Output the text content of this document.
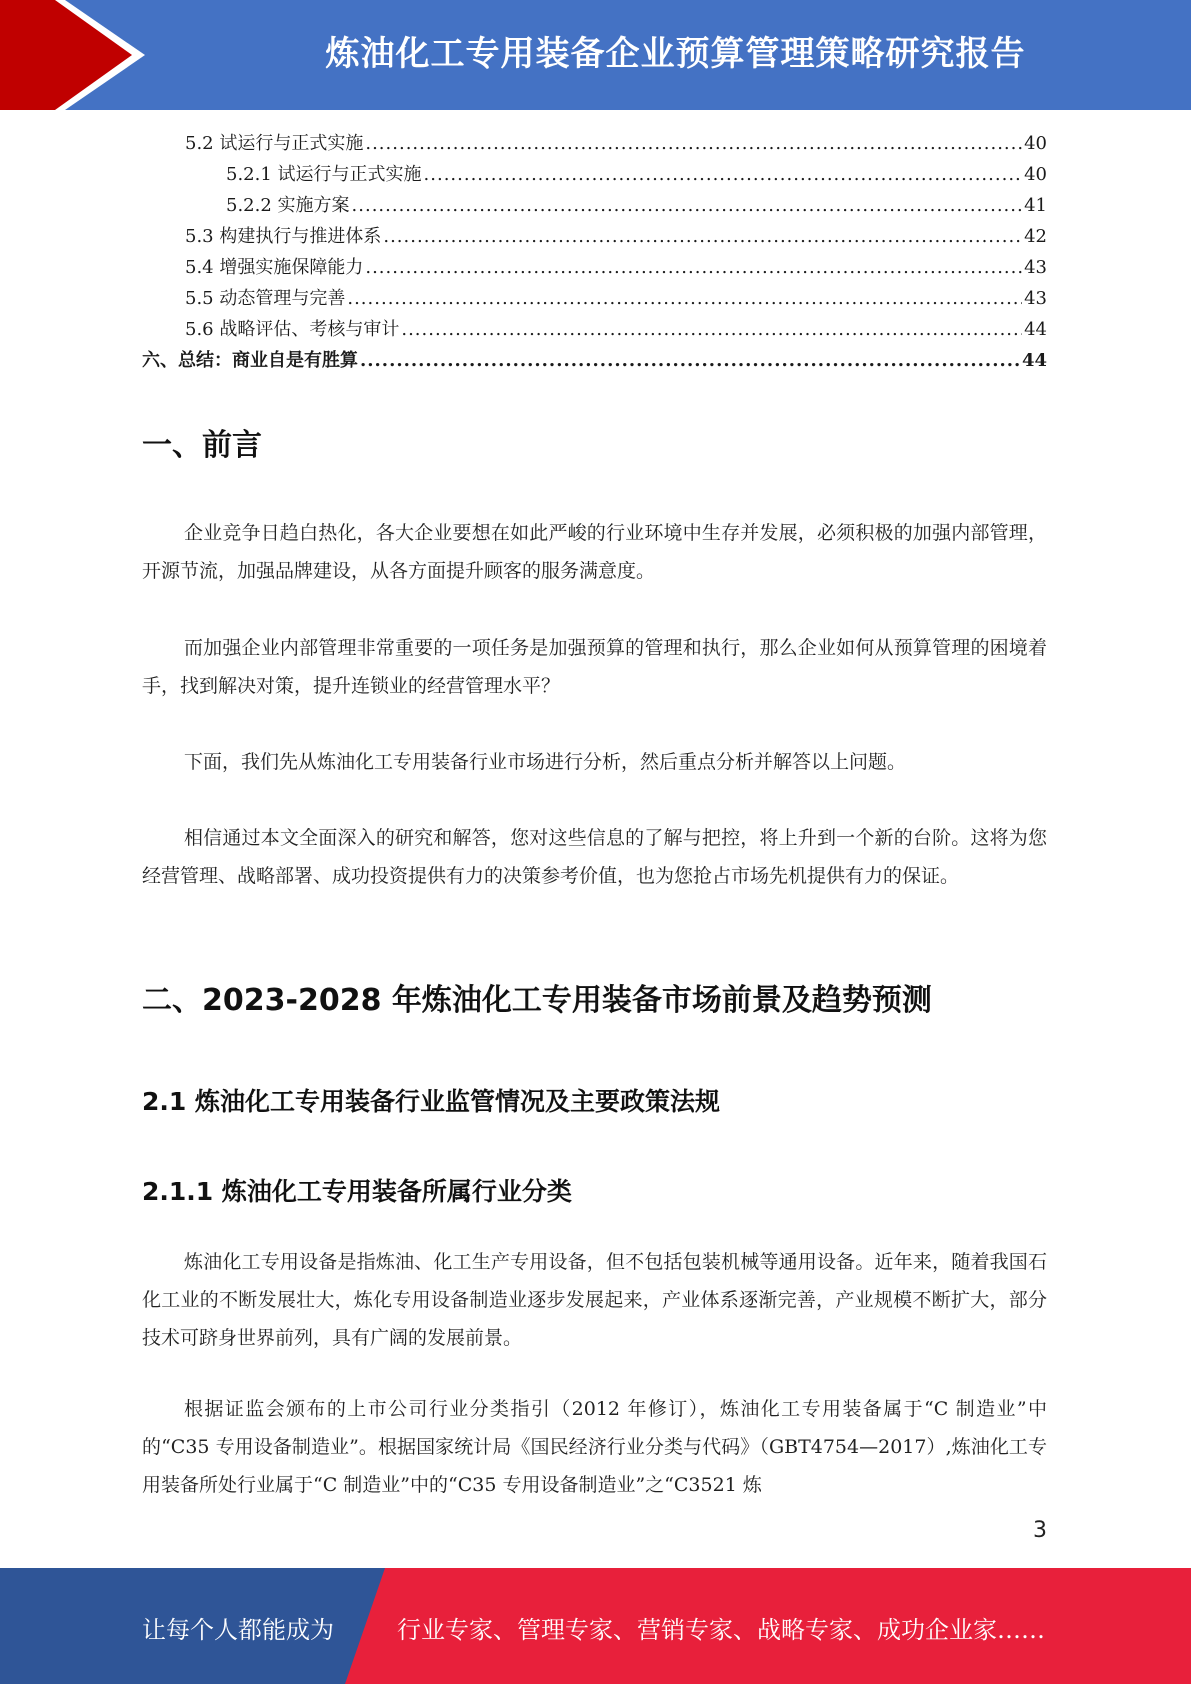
炼油化工专用装备企业预算管理策略研究报告
5.2 试运行与正式实施 .....	40
5.2.1 试运行与正式实施 .....	40
5.2.2 实施方案 .....	41
5.3 构建执行与推进体系 .....	42
5.4 增强实施保障能力 .....	43
5.5 动态管理与完善 .....	43
5.6 战略评估、考核与审计 .....	44
六、总结：商业自是有胜算 .....	44
一、前言

企业竞争日趋白热化，各大企业要想在如此严峻的行业环境中生存并发展，必须积极的加强内部管理，开源节流，加强品牌建设，从各方面提升顾客的服务满意度。

而加强企业内部管理非常重要的一项任务是加强预算的管理和执行，那么企业如何从预算管理的困境着手，找到解决对策，提升连锁业的经营管理水平？

下面，我们先从炼油化工专用装备行业市场进行分析，然后重点分析并解答以上问题。

相信通过本文全面深入的研究和解答，您对这些信息的了解与把控，将上升到一个新的台阶。这将为您经营管理、战略部署、成功投资提供有力的决策参考价值，也为您抢占市场先机提供有力的保证。

二、2023-2028 年炼油化工专用装备市场前景及趋势预测
2.1 炼油化工专用装备行业监管情况及主要政策法规
2.1.1 炼油化工专用装备所属行业分类

炼油化工专用设备是指炼油、化工生产专用设备，但不包括包装机械等通用设备。近年来，随着我国石化工业的不断发展壮大，炼化专用设备制造业逐步发展起来，产业体系逐渐完善，产业规模不断扩大，部分技术可跻身世界前列，具有广阔的发展前景。

根据证监会颁布的上市公司行业分类指引（2012 年修订），炼油化工专用装备属于“C 制造业”中的“C35 专用设备制造业”。根据国家统计局《国民经济行业分类与代码》（GBT4754—2017）,炼油化工专用装备所处行业属于“C 制造业”中的“C35 专用设备制造业”之“C3521 炼

3
让每个人都能成为	行业专家、管理专家、营销专家、战略专家、成功企业家……
